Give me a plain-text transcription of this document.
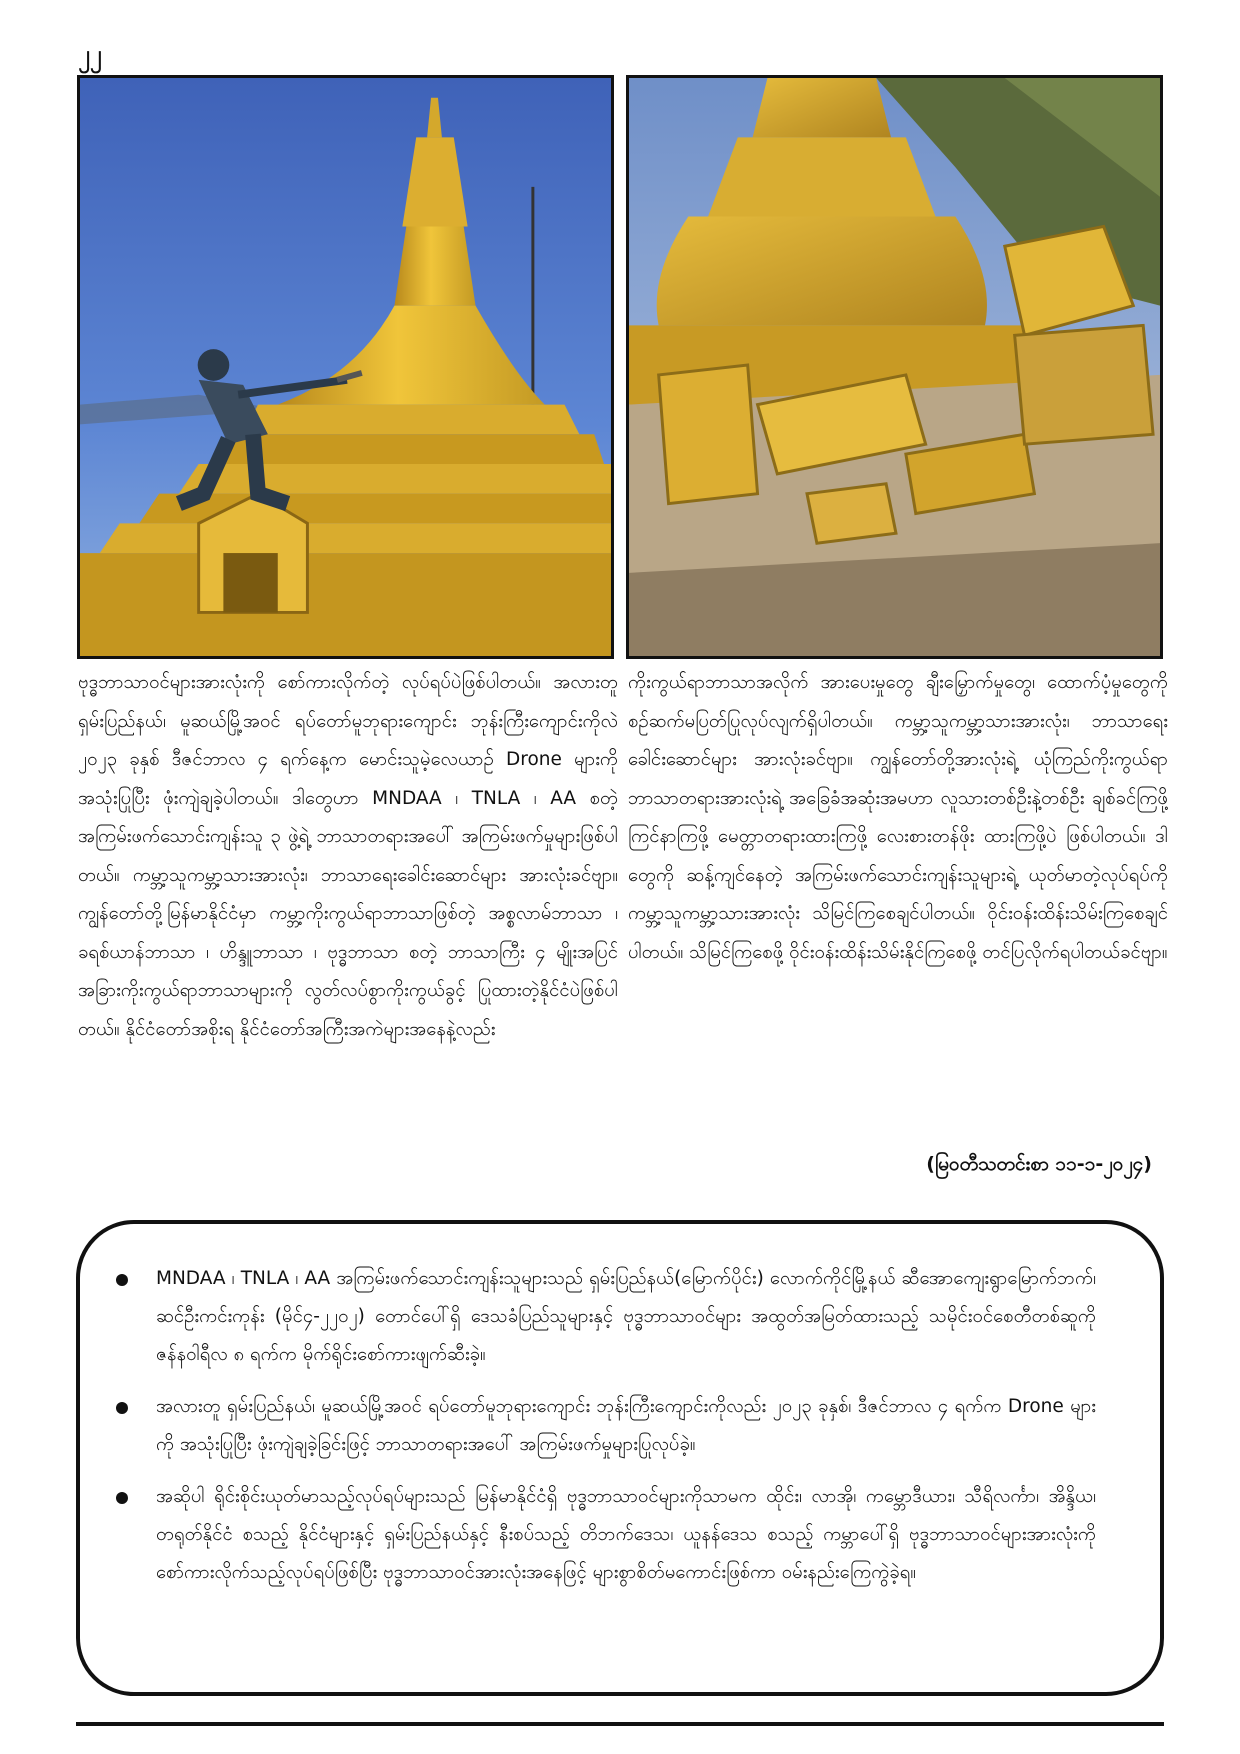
၂၂

ဗုဒ္ဓဘာသာဝင်များအားလုံးကို စော်ကားလိုက်တဲ့ လုပ်ရပ်ပဲဖြစ်ပါတယ်။ အလားတူ ရှမ်းပြည်နယ်၊ မူဆယ်မြို့အဝင် ရပ်တော်မူဘုရားကျောင်း ဘုန်းကြီးကျောင်းကိုလဲ ၂၀၂၃ ခုနှစ် ဒီဇင်ဘာလ ၄ ရက်နေ့က မောင်းသူမဲ့လေယာဉ် Drone များကို အသုံးပြုပြီး ဖုံးကျဲချခဲ့ပါတယ်။ ဒါတွေဟာ MNDAA ၊ TNLA ၊ AA စတဲ့အကြမ်းဖက်သောင်းကျန်းသူ ၃ ဖွဲ့ရဲ့ ဘာသာတရားအပေါ် အကြမ်းဖက်မှုများဖြစ်ပါတယ်။ ကမ္ဘာ့သူကမ္ဘာ့သားအားလုံး၊ ဘာသာရေးခေါင်းဆောင်များ အားလုံးခင်ဗျာ။ ကျွန်တော်တို့မြန်မာနိုင်ငံမှာ ကမ္ဘာ့ကိုးကွယ်ရာဘာသာဖြစ်တဲ့ အစ္စလာမ်ဘာသာ ၊ ခရစ်ယာန်ဘာသာ ၊ ဟိန္ဒူဘာသာ ၊ ဗုဒ္ဓဘာသာ စတဲ့ ဘာသာကြီး ၄ မျိုးအပြင် အခြားကိုးကွယ်ရာဘာသာများကို လွတ်လပ်စွာကိုးကွယ်ခွင့် ပြုထားတဲ့နိုင်ငံပဲဖြစ်ပါတယ်။ နိုင်ငံတော်အစိုးရ နိုင်ငံတော်အကြီးအကဲများအနေနဲ့လည်း

ကိုးကွယ်ရာဘာသာအလိုက် အားပေးမှုတွေ ချီးမြှောက်မှုတွေ၊ ထောက်ပံ့မှုတွေကို စဉ်ဆက်မပြတ်ပြုလုပ်လျက်ရှိပါတယ်။ ကမ္ဘာ့သူကမ္ဘာ့သားအားလုံး၊ ဘာသာရေးခေါင်းဆောင်များ အားလုံးခင်ဗျာ။ ကျွန်တော်တို့အားလုံးရဲ့ ယုံကြည်ကိုးကွယ်ရာ ဘာသာတရားအားလုံးရဲ့ အခြေခံအဆုံးအမဟာ လူသားတစ်ဦးနဲ့တစ်ဦး ချစ်ခင်ကြဖို့ ကြင်နာကြဖို့ မေတ္တာတရားထားကြဖို့ လေးစားတန်ဖိုး ထားကြဖို့ပဲ ဖြစ်ပါတယ်။ ဒါတွေကို ဆန့်ကျင်နေတဲ့ အကြမ်းဖက်သောင်းကျန်းသူများရဲ့ ယုတ်မာတဲ့လုပ်ရပ်ကို ကမ္ဘာ့သူကမ္ဘာ့သားအားလုံး သိမြင်ကြစေချင်ပါတယ်။ ဝိုင်းဝန်းထိန်းသိမ်းကြစေချင်ပါတယ်။ သိမြင်ကြစေဖို့ ဝိုင်းဝန်းထိန်းသိမ်းနိုင်ကြစေဖို့ တင်ပြလိုက်ရပါတယ်ခင်ဗျာ။

(မြဝတီသတင်းစာ ၁၁-၁-၂၀၂၄)
MNDAA ၊ TNLA ၊ AA အကြမ်းဖက်သောင်းကျန်းသူများသည် ရှမ်းပြည်နယ်(မြောက်ပိုင်း) လောက်ကိုင်မြို့နယ် ဆီအောကျေးရွာမြောက်ဘက်၊ ဆင်ဦးကင်းကုန်း (မိုင်၄-၂၂၀၂) တောင်ပေါ်ရှိ ဒေသခံပြည်သူများနှင့် ဗုဒ္ဓဘာသာဝင်များ အထွတ်အမြတ်ထားသည့် သမိုင်းဝင်စေတီတစ်ဆူကို ဇန်နဝါရီလ ၈ ရက်က မိုက်ရိုင်းစော်ကားဖျက်ဆီးခဲ့။
အလားတူ ရှမ်းပြည်နယ်၊ မူဆယ်မြို့အဝင် ရပ်တော်မူဘုရားကျောင်း ဘုန်းကြီးကျောင်းကိုလည်း ၂၀၂၃ ခုနှစ်၊ ဒီဇင်ဘာလ ၄ ရက်က Drone များကို အသုံးပြုပြီး ဖုံးကျဲချခဲ့ခြင်းဖြင့် ဘာသာတရားအပေါ် အကြမ်းဖက်မှုများပြုလုပ်ခဲ့။
အဆိုပါ ရိုင်းစိုင်းယုတ်မာသည့်လုပ်ရပ်များသည် မြန်မာနိုင်ငံရှိ ဗုဒ္ဓဘာသာဝင်များကိုသာမက ထိုင်း၊ လာအို၊ ကမ္ဘောဒီယား၊ သီရိလင်္ကာ၊ အိန္ဒိယ၊ တရုတ်နိုင်ငံ စသည့် နိုင်ငံများနှင့် ရှမ်းပြည်နယ်နှင့် နီးစပ်သည့် တိဘက်ဒေသ၊ ယူနန်ဒေသ စသည့် ကမ္ဘာပေါ်ရှိ ဗုဒ္ဓဘာသာဝင်များအားလုံးကို စော်ကားလိုက်သည့်လုပ်ရပ်ဖြစ်ပြီး ဗုဒ္ဓဘာသာဝင်အားလုံးအနေဖြင့် များစွာစိတ်မကောင်းဖြစ်ကာ ဝမ်းနည်းကြေကွဲခဲ့ရ။
